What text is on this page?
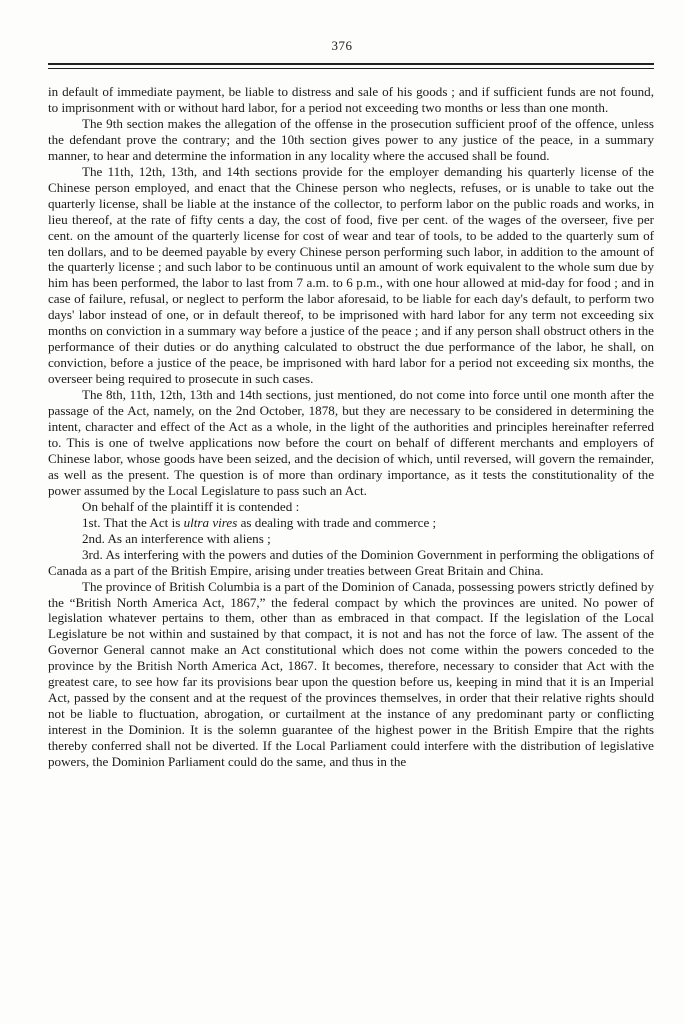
376

in default of immediate payment, be liable to distress and sale of his goods ; and if sufficient funds are not found, to imprisonment with or without hard labor, for a period not exceeding two months or less than one month.

The 9th section makes the allegation of the offense in the prosecution sufficient proof of the offence, unless the defendant prove the contrary; and the 10th section gives power to any justice of the peace, in a summary manner, to hear and determine the information in any locality where the accused shall be found.

The 11th, 12th, 13th, and 14th sections provide for the employer demanding his quarterly license of the Chinese person employed, and enact that the Chinese person who neglects, refuses, or is unable to take out the quarterly license, shall be liable at the instance of the collector, to perform labor on the public roads and works, in lieu thereof, at the rate of fifty cents a day, the cost of food, five per cent. of the wages of the overseer, five per cent. on the amount of the quarterly license for cost of wear and tear of tools, to be added to the quarterly sum of ten dollars, and to be deemed payable by every Chinese person performing such labor, in addition to the amount of the quarterly license ; and such labor to be continuous until an amount of work equivalent to the whole sum due by him has been performed, the labor to last from 7 a.m. to 6 p.m., with one hour allowed at mid-day for food ; and in case of failure, refusal, or neglect to perform the labor aforesaid, to be liable for each day's default, to perform two days' labor instead of one, or in default thereof, to be imprisoned with hard labor for any term not exceeding six months on conviction in a summary way before a justice of the peace ; and if any person shall obstruct others in the performance of their duties or do anything calculated to obstruct the due performance of the labor, he shall, on conviction, before a justice of the peace, be imprisoned with hard labor for a period not exceeding six months, the overseer being required to prosecute in such cases.

The 8th, 11th, 12th, 13th and 14th sections, just mentioned, do not come into force until one month after the passage of the Act, namely, on the 2nd October, 1878, but they are necessary to be considered in determining the intent, character and effect of the Act as a whole, in the light of the authorities and principles hereinafter referred to. This is one of twelve applications now before the court on behalf of different merchants and employers of Chinese labor, whose goods have been seized, and the decision of which, until reversed, will govern the remainder, as well as the present. The question is of more than ordinary importance, as it tests the constitutionality of the power assumed by the Local Legislature to pass such an Act.

On behalf of the plaintiff it is contended :

1st. That the Act is ultra vires as dealing with trade and commerce ;

2nd. As an interference with aliens ;

3rd. As interfering with the powers and duties of the Dominion Government in performing the obligations of Canada as a part of the British Empire, arising under treaties between Great Britain and China.

The province of British Columbia is a part of the Dominion of Canada, possessing powers strictly defined by the “British North America Act, 1867,” the federal compact by which the provinces are united. No power of legislation whatever pertains to them, other than as embraced in that compact. If the legislation of the Local Legislature be not within and sustained by that compact, it is not and has not the force of law. The assent of the Governor General cannot make an Act constitutional which does not come within the powers conceded to the province by the British North America Act, 1867. It becomes, therefore, necessary to consider that Act with the greatest care, to see how far its provisions bear upon the question before us, keeping in mind that it is an Imperial Act, passed by the consent and at the request of the provinces themselves, in order that their relative rights should not be liable to fluctuation, abrogation, or curtailment at the instance of any predominant party or conflicting interest in the Dominion. It is the solemn guarantee of the highest power in the British Empire that the rights thereby conferred shall not be diverted. If the Local Parliament could interfere with the distribution of legislative powers, the Dominion Parliament could do the same, and thus in the
